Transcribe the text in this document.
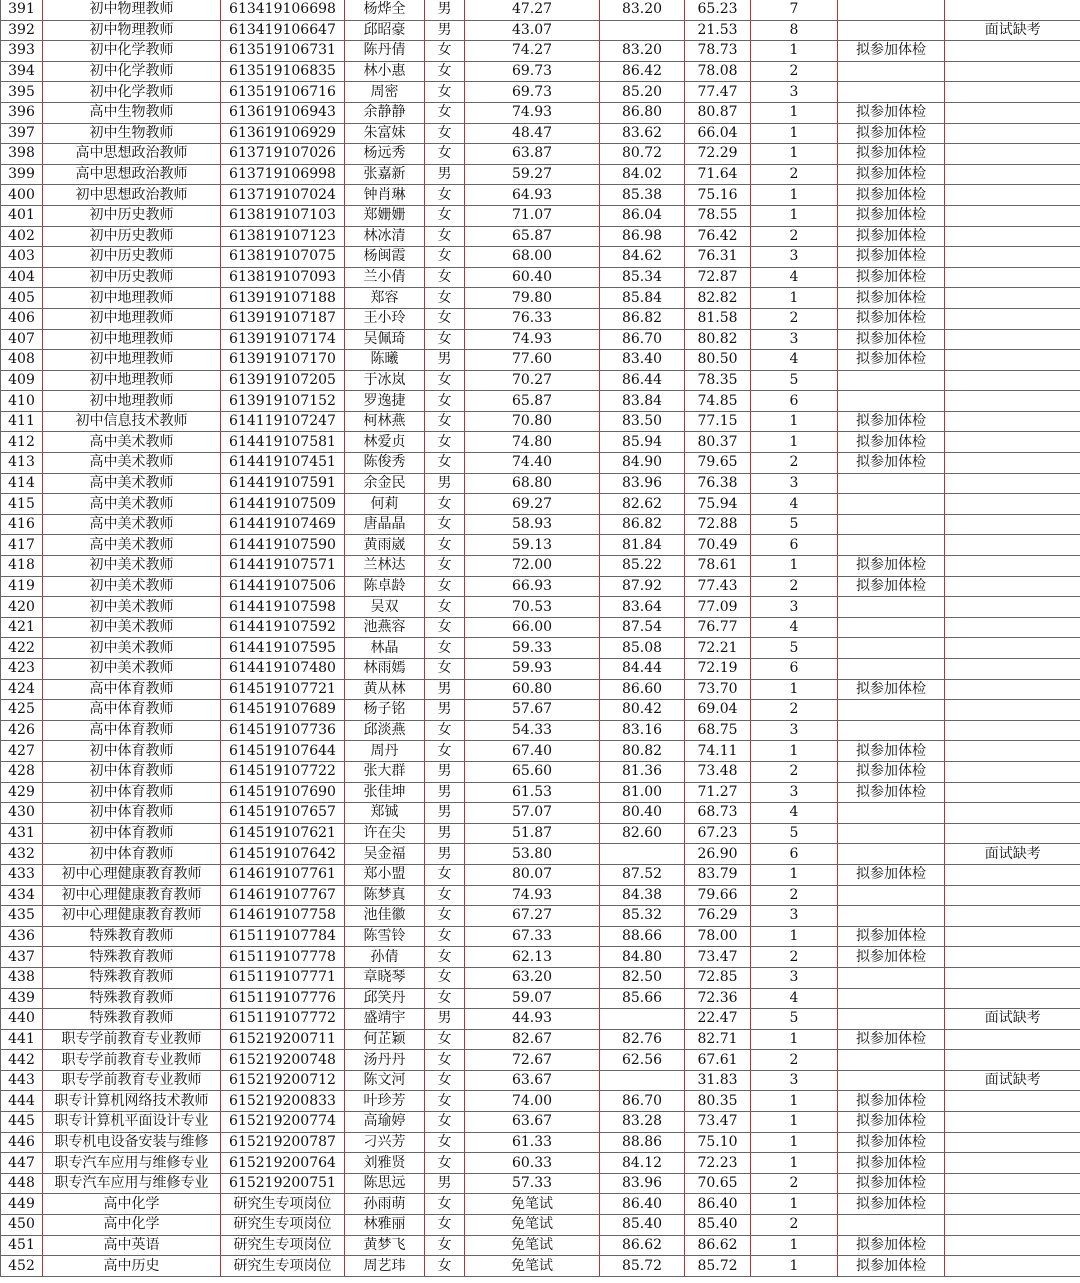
391	初中物理教师	613419106698	杨烨全	男	47.27	83.20	65.23	7		
392	初中物理教师	613419106647	邱昭豪	男	43.07		21.53	8		面试缺考
393	初中化学教师	613519106731	陈丹倩	女	74.27	83.20	78.73	1	拟参加体检	
394	初中化学教师	613519106835	林小惠	女	69.73	86.42	78.08	2		
395	初中化学教师	613519106716	周密	女	69.73	85.20	77.47	3		
396	高中生物教师	613619106943	余静静	女	74.93	86.80	80.87	1	拟参加体检	
397	初中生物教师	613619106929	朱富妹	女	48.47	83.62	66.04	1	拟参加体检	
398	高中思想政治教师	613719107026	杨远秀	女	63.87	80.72	72.29	1	拟参加体检	
399	高中思想政治教师	613719106998	张嘉新	男	59.27	84.02	71.64	2	拟参加体检	
400	初中思想政治教师	613719107024	钟肖琳	女	64.93	85.38	75.16	1	拟参加体检	
401	初中历史教师	613819107103	郑姗姗	女	71.07	86.04	78.55	1	拟参加体检	
402	初中历史教师	613819107123	林冰清	女	65.87	86.98	76.42	2	拟参加体检	
403	初中历史教师	613819107075	杨闽霞	女	68.00	84.62	76.31	3	拟参加体检	
404	初中历史教师	613819107093	兰小倩	女	60.40	85.34	72.87	4	拟参加体检	
405	初中地理教师	613919107188	郑容	女	79.80	85.84	82.82	1	拟参加体检	
406	初中地理教师	613919107187	王小玲	女	76.33	86.82	81.58	2	拟参加体检	
407	初中地理教师	613919107174	吴佩琦	女	74.93	86.70	80.82	3	拟参加体检	
408	初中地理教师	613919107170	陈曦	男	77.60	83.40	80.50	4	拟参加体检	
409	初中地理教师	613919107205	于冰岚	女	70.27	86.44	78.35	5		
410	初中地理教师	613919107152	罗逸捷	女	65.87	83.84	74.85	6		
411	初中信息技术教师	614119107247	柯林燕	女	70.80	83.50	77.15	1	拟参加体检	
412	高中美术教师	614419107581	林爱贞	女	74.80	85.94	80.37	1	拟参加体检	
413	高中美术教师	614419107451	陈俊秀	女	74.40	84.90	79.65	2	拟参加体检	
414	高中美术教师	614419107591	余金民	男	68.80	83.96	76.38	3		
415	高中美术教师	614419107509	何莉	女	69.27	82.62	75.94	4		
416	高中美术教师	614419107469	唐晶晶	女	58.93	86.82	72.88	5		
417	高中美术教师	614419107590	黄雨崴	女	59.13	81.84	70.49	6		
418	初中美术教师	614419107571	兰林达	女	72.00	85.22	78.61	1	拟参加体检	
419	初中美术教师	614419107506	陈卓龄	女	66.93	87.92	77.43	2	拟参加体检	
420	初中美术教师	614419107598	吴双	女	70.53	83.64	77.09	3		
421	初中美术教师	614419107592	池燕容	女	66.00	87.54	76.77	4		
422	初中美术教师	614419107595	林晶	女	59.33	85.08	72.21	5		
423	初中美术教师	614419107480	林雨嫣	女	59.93	84.44	72.19	6		
424	高中体育教师	614519107721	黄从林	男	60.80	86.60	73.70	1	拟参加体检	
425	高中体育教师	614519107689	杨子铭	男	57.67	80.42	69.04	2		
426	高中体育教师	614519107736	邱淡燕	女	54.33	83.16	68.75	3		
427	初中体育教师	614519107644	周丹	女	67.40	80.82	74.11	1	拟参加体检	
428	初中体育教师	614519107722	张大群	男	65.60	81.36	73.48	2	拟参加体检	
429	初中体育教师	614519107690	张佳坤	男	61.53	81.00	71.27	3	拟参加体检	
430	初中体育教师	614519107657	郑铖	男	57.07	80.40	68.73	4		
431	初中体育教师	614519107621	许在尖	男	51.87	82.60	67.23	5		
432	初中体育教师	614519107642	吴金福	男	53.80		26.90	6		面试缺考
433	初中心理健康教育教师	614619107761	郑小盟	女	80.07	87.52	83.79	1	拟参加体检	
434	初中心理健康教育教师	614619107767	陈梦真	女	74.93	84.38	79.66	2		
435	初中心理健康教育教师	614619107758	池佳徽	女	67.27	85.32	76.29	3		
436	特殊教育教师	615119107784	陈雪铃	女	67.33	88.66	78.00	1	拟参加体检	
437	特殊教育教师	615119107778	孙倩	女	62.13	84.80	73.47	2	拟参加体检	
438	特殊教育教师	615119107771	章晓琴	女	63.20	82.50	72.85	3		
439	特殊教育教师	615119107776	邱笑丹	女	59.07	85.66	72.36	4		
440	特殊教育教师	615119107772	盛靖宇	男	44.93		22.47	5		面试缺考
441	职专学前教育专业教师	615219200711	何芷颖	女	82.67	82.76	82.71	1	拟参加体检	
442	职专学前教育专业教师	615219200748	汤丹丹	女	72.67	62.56	67.61	2		
443	职专学前教育专业教师	615219200712	陈文河	女	63.67		31.83	3		面试缺考
444	职专计算机网络技术教师	615219200833	叶珍芳	女	74.00	86.70	80.35	1	拟参加体检	
445	职专计算机平面设计专业	615219200774	高瑜婷	女	63.67	83.28	73.47	1	拟参加体检	
446	职专机电设备安装与维修	615219200787	刁兴芳	女	61.33	88.86	75.10	1	拟参加体检	
447	职专汽车应用与维修专业	615219200764	刘雅贤	女	60.33	84.12	72.23	1	拟参加体检	
448	职专汽车应用与维修专业	615219200751	陈思远	男	57.33	83.96	70.65	2	拟参加体检	
449	高中化学	研究生专项岗位	孙雨萌	女	免笔试	86.40	86.40	1	拟参加体检	
450	高中化学	研究生专项岗位	林雅丽	女	免笔试	85.40	85.40	2		
451	高中英语	研究生专项岗位	黄梦飞	女	免笔试	86.62	86.62	1	拟参加体检	
452	高中历史	研究生专项岗位	周艺玮	女	免笔试	85.72	85.72	1	拟参加体检	
